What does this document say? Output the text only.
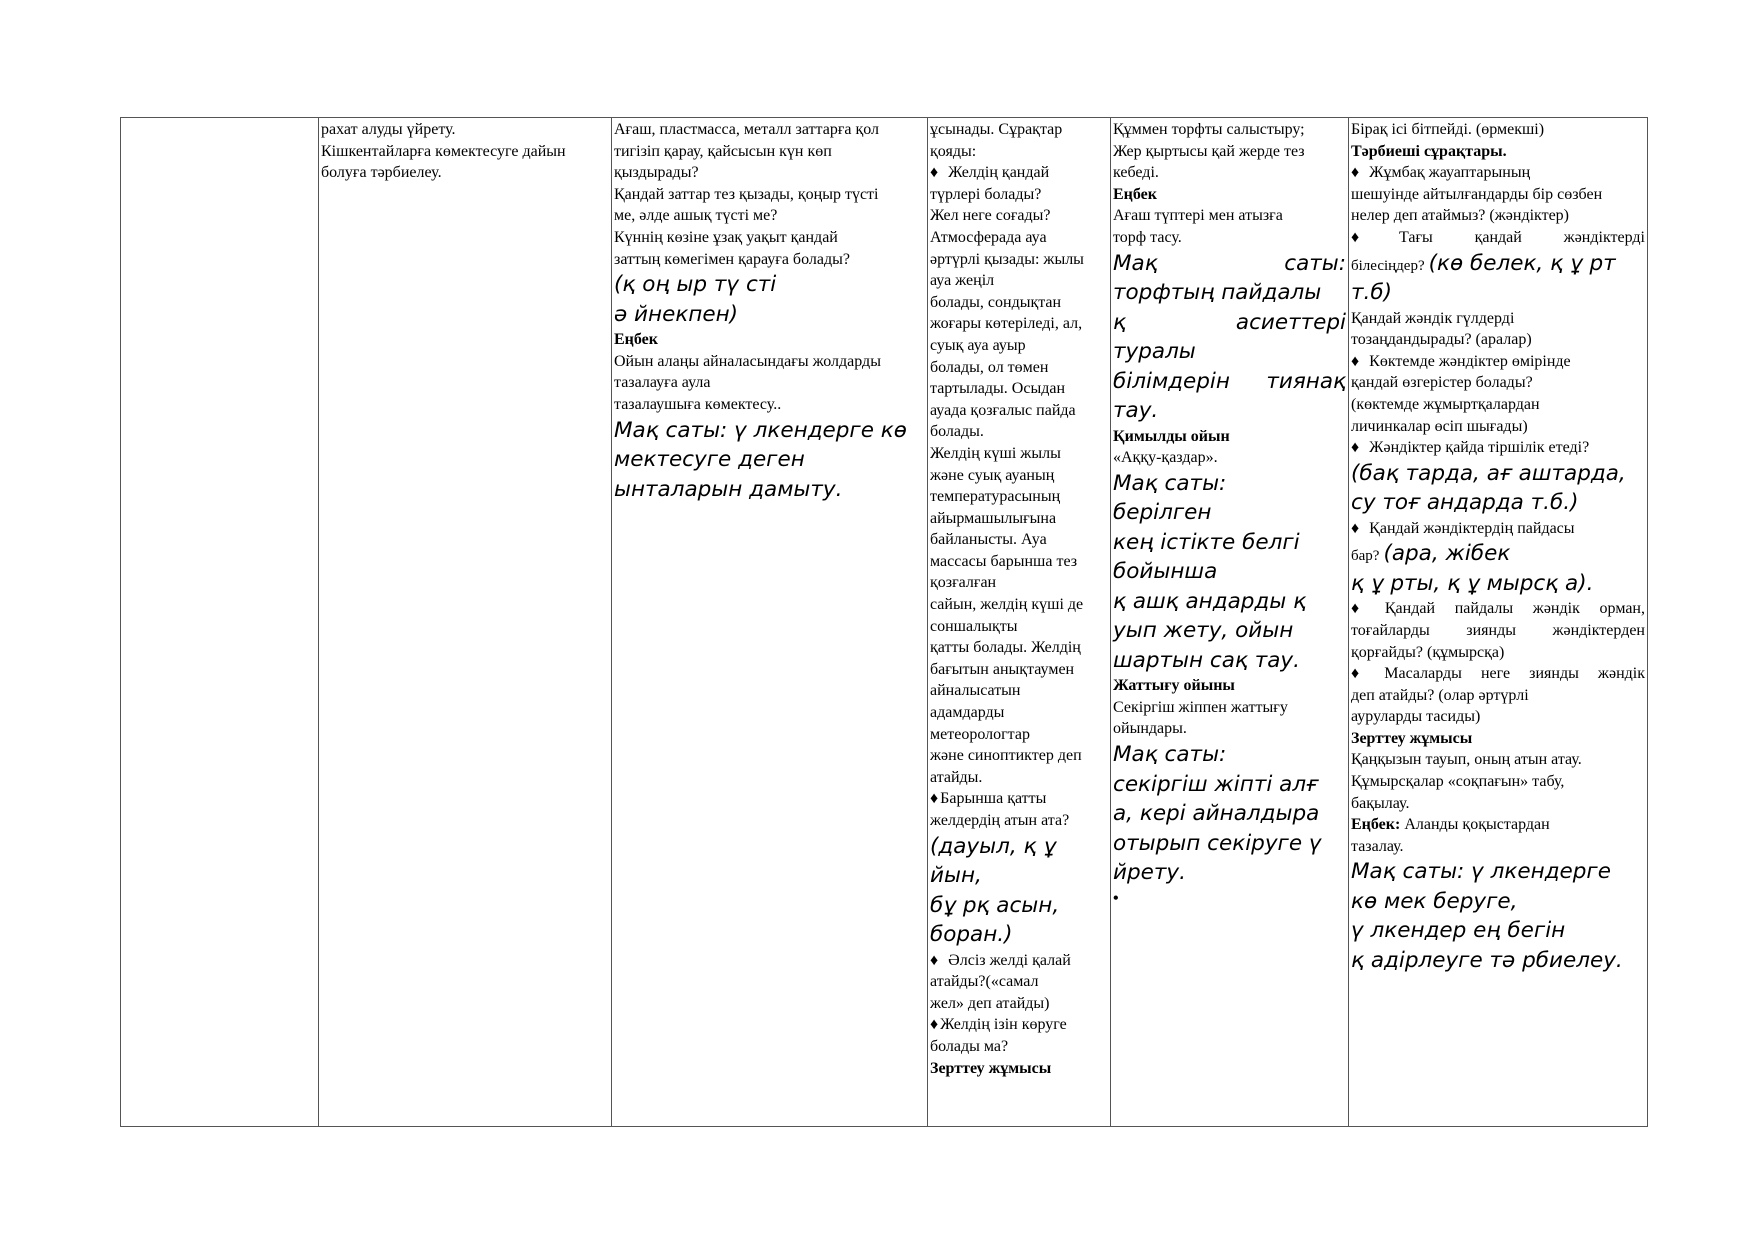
рахат алуды үйрету.
Кішкентайларға көмектесуге дайын
болуға тәрбиелеу.

Ағаш, пластмасса, металл заттарға қол
тигізіп қарау, қайсысын күн көп
қыздырады?
Қандай заттар тез қызады, қоңыр түсті
ме, әлде ашық түсті ме?
Күннің көзіне ұзақ уақыт қандай
заттың көмегімен қарауға болады?
(қ оң ыр тү сті
ә йнекпен)
Еңбек
Ойын алаңы айналасындағы жолдарды
тазалауға аула
тазалаушыға көмектесу..
Мақ саты: ү лкендерге кө
мектесуге деген
ынталарын дамыту.

ұсынады. Сұрақтар
қояды:
♦ Желдің қандай
түрлері болады?
Жел неге соғады?
Атмосферада ауа
әртүрлі қызады: жылы
ауа жеңіл
болады, сондықтан
жоғары көтеріледі, ал,
суық ауа ауыр
болады, ол төмен
тартылады. Осыдан
ауада қозғалыс пайда
болады.
Желдің күші жылы
және суық ауаның
температурасының
айырмашылығына
байланысты. Ауа
массасы барынша тез
қозғалған
сайын, желдің күші де
соншалықты
қатты болады. Желдің
бағытын анықтаумен
айналысатын
адамдарды
метеорологтар
және синоптиктер деп
атайды.
♦ Барынша қатты
желдердің атын ата?
(дауыл, қ ұ йын,
бұ рқ асын,
боран.)
♦ Әлсіз желді қалай
атайды?(«самал
жел» деп атайды)
♦ Желдің ізін көруге
болады ма?
Зерттеу жұмысы

Құммен торфты салыстыру;
Жер қыртысы қай жерде тез
кебеді.
Еңбек
Ағаш түптері мен атызға
торф тасу.
Мақ саты:
торфтың пайдалы
қ асиеттері
туралы
білімдерін тиянақ
тау.
Қимылды ойын
«Аққу-қаздар».
Мақ саты:
берілген
кең істікте белгі
бойынша
қ ашқ андарды қ
уып жету, ойын
шартын сақ тау.
Жаттығу ойыны
Секіргіш жіппен жаттығу
ойындары.
Мақ саты:
секіргіш жіпті алғ
а, кері айналдыра
отырып секіруге ү
йрету.
•

Бірақ ісі бітпейді. (өрмекші)
Тәрбиеші сұрақтары.
♦ Жұмбақ жауаптарының
шешуінде айтылғандарды бір сөзбен
нелер деп атаймыз? (жәндіктер)
♦ Тағы қандай жәндіктерді
білесіңдер? (кө белек, қ ұ рт
т.б)
Қандай жәндік гүлдерді
тозаңдандырады? (аралар)
♦ Көктемде жәндіктер өмірінде
қандай өзгерістер болады?
(көктемде жұмыртқалардан
личинкалар өсіп шығады)
♦ Жәндіктер қайда тіршілік етеді?
(бақ тарда, ағ аштарда,
су тоғ андарда т.б.)
♦ Қандай жәндіктердің пайдасы
бар? (ара, жібек
қ ұ рты, қ ұ мырсқ а).
♦ Қандай пайдалы жәндік орман,
тоғайларды зиянды жәндіктерден
қорғайды? (құмырсқа)
♦ Масаларды неге зиянды жәндік
деп атайды? (олар әртүрлі
ауруларды тасиды)
Зерттеу жұмысы
Қаңқызын тауып, оның атын атау.
Құмырсқалар «соқпағын» табу,
бақылау.
Еңбек: Аланды қоқыстардан
тазалау.
Мақ саты: ү лкендерге
кө мек беруге,
ү лкендер ең бегін
қ адірлеуге тә рбиелеу.
